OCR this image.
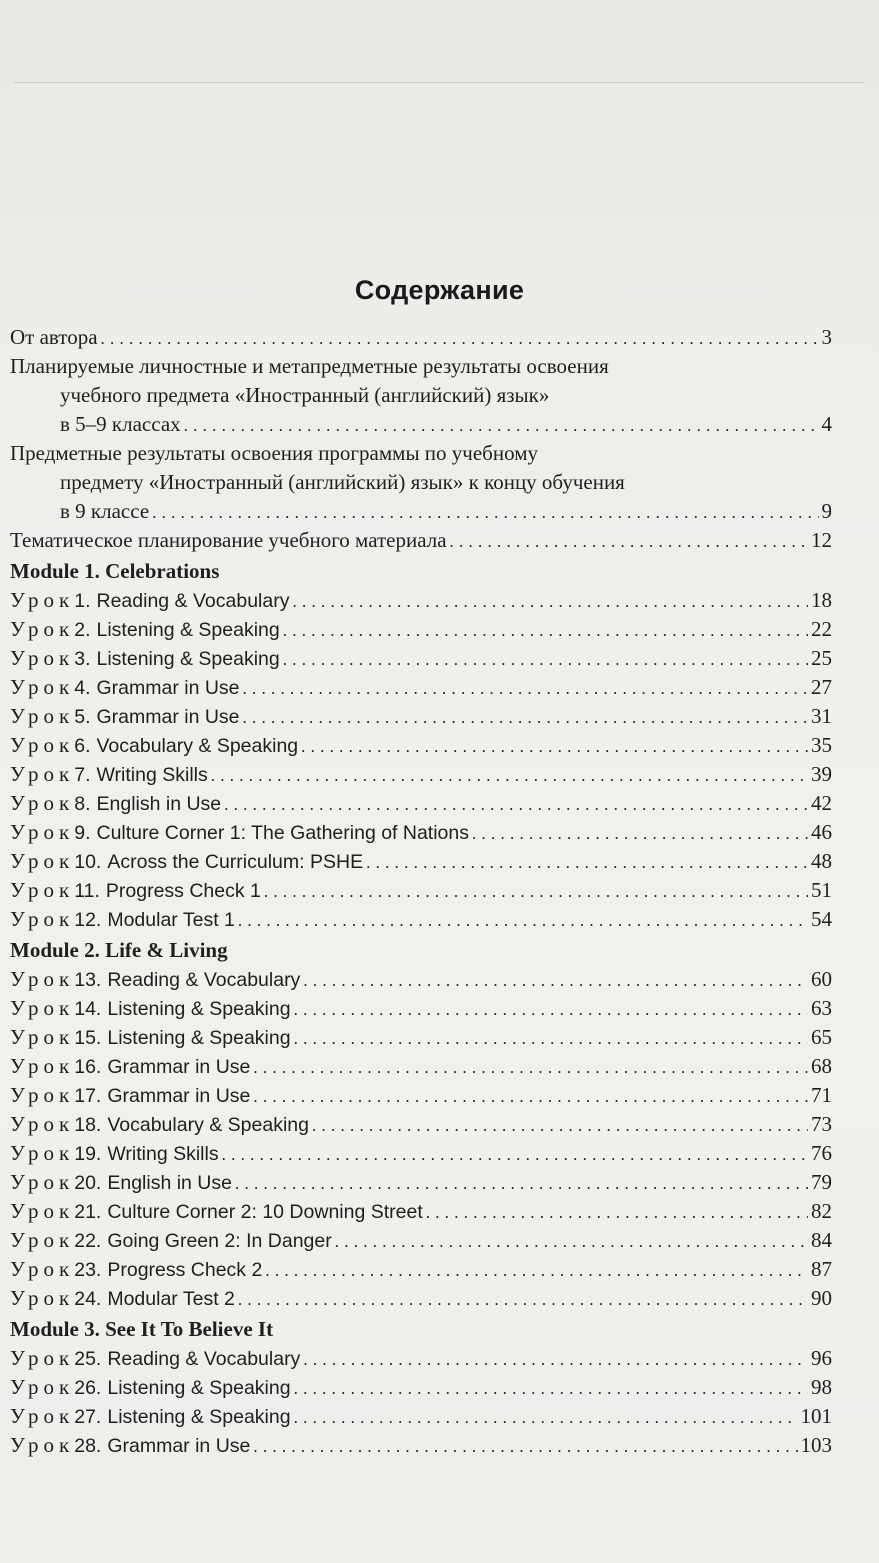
Содержание
От автора . . .	3
Планируемые личностные и метапредметные результаты освоения
учебного предмета «Иностранный (английский) язык»
в 5–9 классах . . .	4
Предметные результаты освоения программы по учебному
предмету «Иностранный (английский) язык» к концу обучения
в 9 классе . . .	9
Тематическое планирование учебного материала . . .	12
Module 1. Celebrations
Урок 1. Reading & Vocabulary . . .	18
Урок 2. Listening & Speaking . . .	22
Урок 3. Listening & Speaking . . .	25
Урок 4. Grammar in Use . . .	27
Урок 5. Grammar in Use . . .	31
Урок 6. Vocabulary & Speaking . . .	35
Урок 7. Writing Skills . . .	39
Урок 8. English in Use . . .	42
Урок 9. Culture Corner 1: The Gathering of Nations . . .	46
Урок 10. Across the Curriculum: PSHE . . .	48
Урок 11. Progress Check 1 . . .	51
Урок 12. Modular Test 1 . . .	54
Module 2. Life & Living
Урок 13. Reading & Vocabulary . . .	60
Урок 14. Listening & Speaking . . .	63
Урок 15. Listening & Speaking . . .	65
Урок 16. Grammar in Use . . .	68
Урок 17. Grammar in Use . . .	71
Урок 18. Vocabulary & Speaking . . .	73
Урок 19. Writing Skills . . .	76
Урок 20. English in Use . . .	79
Урок 21. Culture Corner 2: 10 Downing Street . . .	82
Урок 22. Going Green 2: In Danger . . .	84
Урок 23. Progress Check 2 . . .	87
Урок 24. Modular Test 2 . . .	90
Module 3. See It To Believe It
Урок 25. Reading & Vocabulary . . .	96
Урок 26. Listening & Speaking . . .	98
Урок 27. Listening & Speaking . . .	101
Урок 28. Grammar in Use . . .	103
